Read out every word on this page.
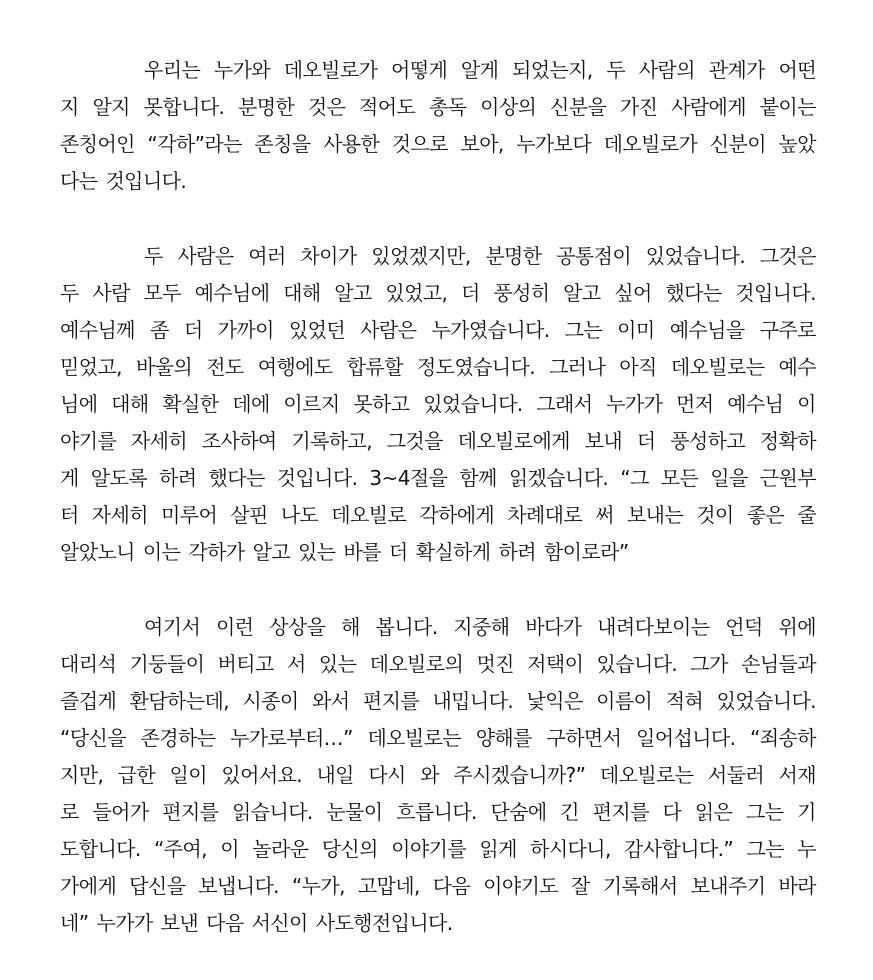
우리는 누가와 데오빌로가 어떻게 알게 되었는지, 두 사람의 관계가 어떤
지 알지 못합니다. 분명한 것은 적어도 총독 이상의 신분을 가진 사람에게 붙이는
존칭어인 “각하”라는 존칭을 사용한 것으로 보아, 누가보다 데오빌로가 신분이 높았
다는 것입니다.
두 사람은 여러 차이가 있었겠지만, 분명한 공통점이 있었습니다. 그것은
두 사람 모두 예수님에 대해 알고 있었고, 더 풍성히 알고 싶어 했다는 것입니다.
예수님께 좀 더 가까이 있었던 사람은 누가였습니다. 그는 이미 예수님을 구주로
믿었고, 바울의 전도 여행에도 합류할 정도였습니다. 그러나 아직 데오빌로는 예수
님에 대해 확실한 데에 이르지 못하고 있었습니다. 그래서 누가가 먼저 예수님 이
야기를 자세히 조사하여 기록하고, 그것을 데오빌로에게 보내 더 풍성하고 정확하
게 알도록 하려 했다는 것입니다. 3~4절을 함께 읽겠습니다. “그 모든 일을 근원부
터 자세히 미루어 살핀 나도 데오빌로 각하에게 차례대로 써 보내는 것이 좋은 줄
알았노니 이는 각하가 알고 있는 바를 더 확실하게 하려 함이로라”
여기서 이런 상상을 해 봅니다. 지중해 바다가 내려다보이는 언덕 위에
대리석 기둥들이 버티고 서 있는 데오빌로의 멋진 저택이 있습니다. 그가 손님들과
즐겁게 환담하는데, 시종이 와서 편지를 내밉니다. 낯익은 이름이 적혀 있었습니다.
“당신을 존경하는 누가로부터…” 데오빌로는 양해를 구하면서 일어섭니다. “죄송하
지만, 급한 일이 있어서요. 내일 다시 와 주시겠습니까?” 데오빌로는 서둘러 서재
로 들어가 편지를 읽습니다. 눈물이 흐릅니다. 단숨에 긴 편지를 다 읽은 그는 기
도합니다. “주여, 이 놀라운 당신의 이야기를 읽게 하시다니, 감사합니다.” 그는 누
가에게 답신을 보냅니다. “누가, 고맙네, 다음 이야기도 잘 기록해서 보내주기 바라
네” 누가가 보낸 다음 서신이 사도행전입니다.
